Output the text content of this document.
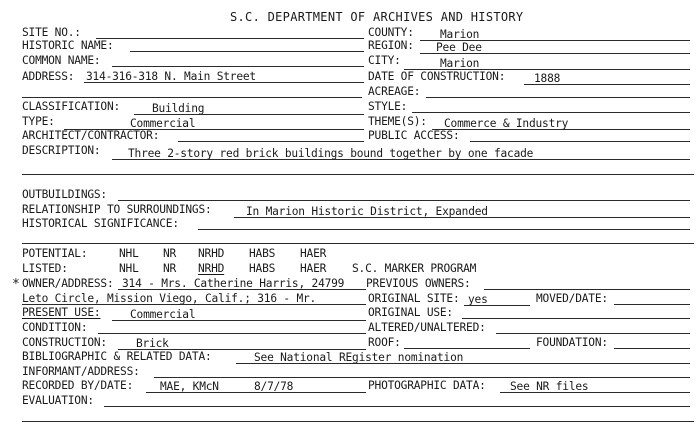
S.C. DEPARTMENT OF ARCHIVES AND HISTORY
SITE NO.:	COUNTY: Marion
HISTORIC NAME:	REGION: Pee Dee
COMMON NAME:	CITY:	Marion
ADDRESS: 314-316-318 N. Main Street	DATE OF CONSTRUCTION:	1888
ACREAGE:
CLASSIFICATION:	Building	STYLE:
TYPE:	Commercial	THEME(S): Commerce & Industry
ARCHITECT/CONTRACTOR:	PUBLIC ACCESS:
DESCRIPTION: Three 2-story red brick buildings bound together by one facade
OUTBUILDINGS:
RELATIONSHIP TO SURROUNDINGS:	In Marion Historic District, Expanded
HISTORICAL SIGNIFICANCE:
POTENTIAL:	NHL NR NRHD HABS HAER
LISTED:	NHL NR NRHD HABS HAER S.C. MARKER PROGRAM
* OWNER/ADDRESS: 314 - Mrs. Catherine Harris, 24799 PREVIOUS OWNERS:
Leto Circle, Mission Viego, Calif.; 316 - Mr.	ORIGINAL SITE: yes	MOVED/DATE:
PRESENT USE:	Commercial	ORIGINAL USE:
CONDITION:	ALTERED/UNALTERED:
CONSTRUCTION:	Brick	ROOF:	FOUNDATION:
BIBLIOGRAPHIC & RELATED DATA:	See National REgister nomination
INFORMANT/ADDRESS:
RECORDED BY/DATE: MAE, KMcN	8/7/78	PHOTOGRAPHIC DATA: See NR files
EVALUATION:
